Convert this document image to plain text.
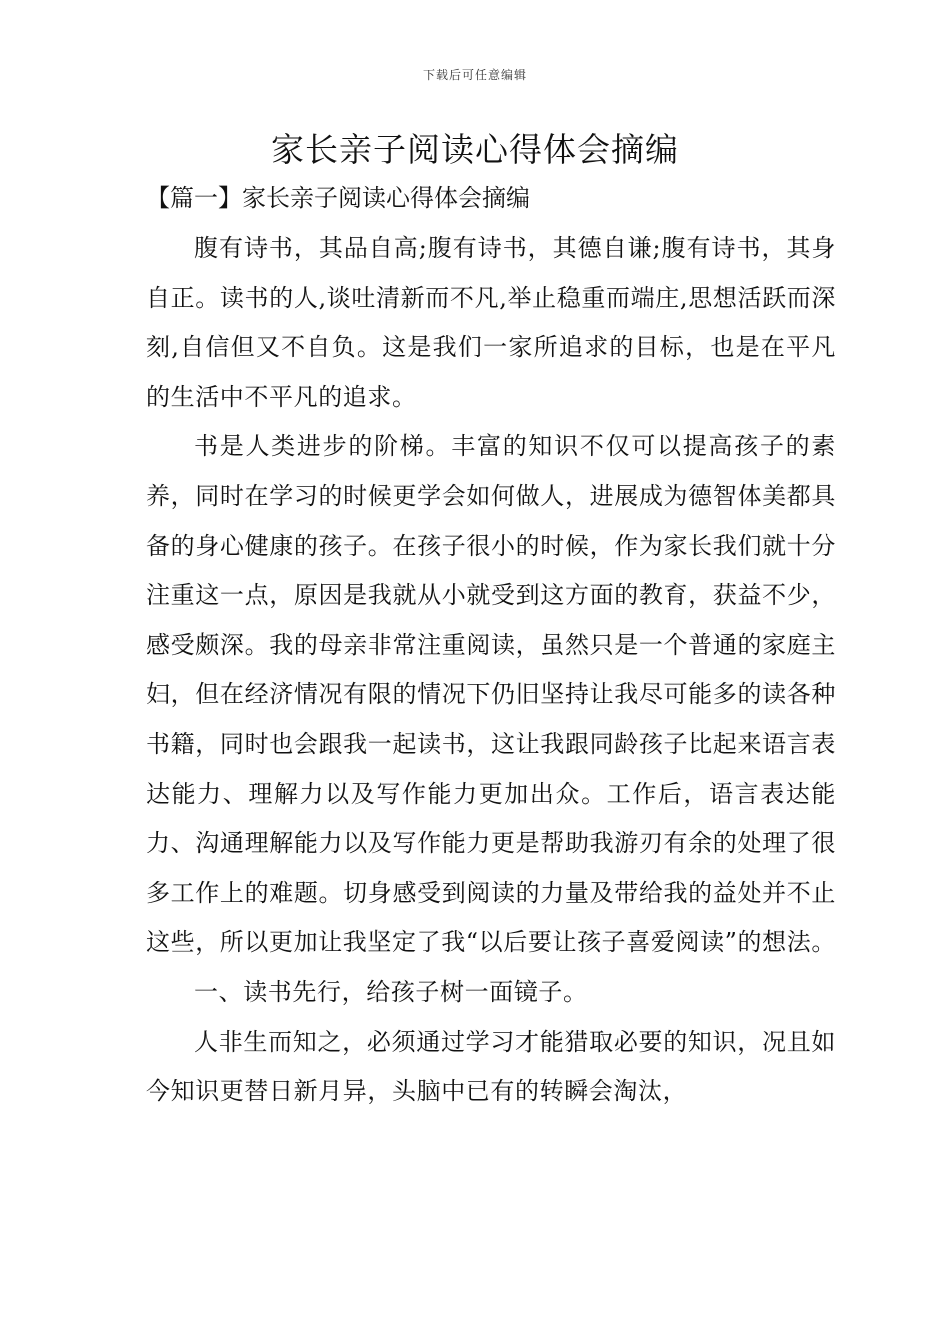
下载后可任意编辑
家长亲子阅读心得体会摘编
【篇一】家长亲子阅读心得体会摘编

腹有诗书，其品自高;腹有诗书，其德自谦;腹有诗书，其身自正。读书的人,谈吐清新而不凡,举止稳重而端庄,思想活跃而深刻,自信但又不自负。这是我们一家所追求的目标，也是在平凡的生活中不平凡的追求。

书是人类进步的阶梯。丰富的知识不仅可以提高孩子的素养，同时在学习的时候更学会如何做人，进展成为德智体美都具备的身心健康的孩子。在孩子很小的时候，作为家长我们就十分注重这一点，原因是我就从小就受到这方面的教育，获益不少，感受颇深。我的母亲非常注重阅读，虽然只是一个普通的家庭主妇，但在经济情况有限的情况下仍旧坚持让我尽可能多的读各种书籍，同时也会跟我一起读书，这让我跟同龄孩子比起来语言表达能力、理解力以及写作能力更加出众。工作后，语言表达能力、沟通理解能力以及写作能力更是帮助我游刃有余的处理了很多工作上的难题。切身感受到阅读的力量及带给我的益处并不止这些，所以更加让我坚定了我“以后要让孩子喜爱阅读”的想法。

一、读书先行，给孩子树一面镜子。

人非生而知之，必须通过学习才能猎取必要的知识，况且如今知识更替日新月异，头脑中已有的转瞬会淘汰，
